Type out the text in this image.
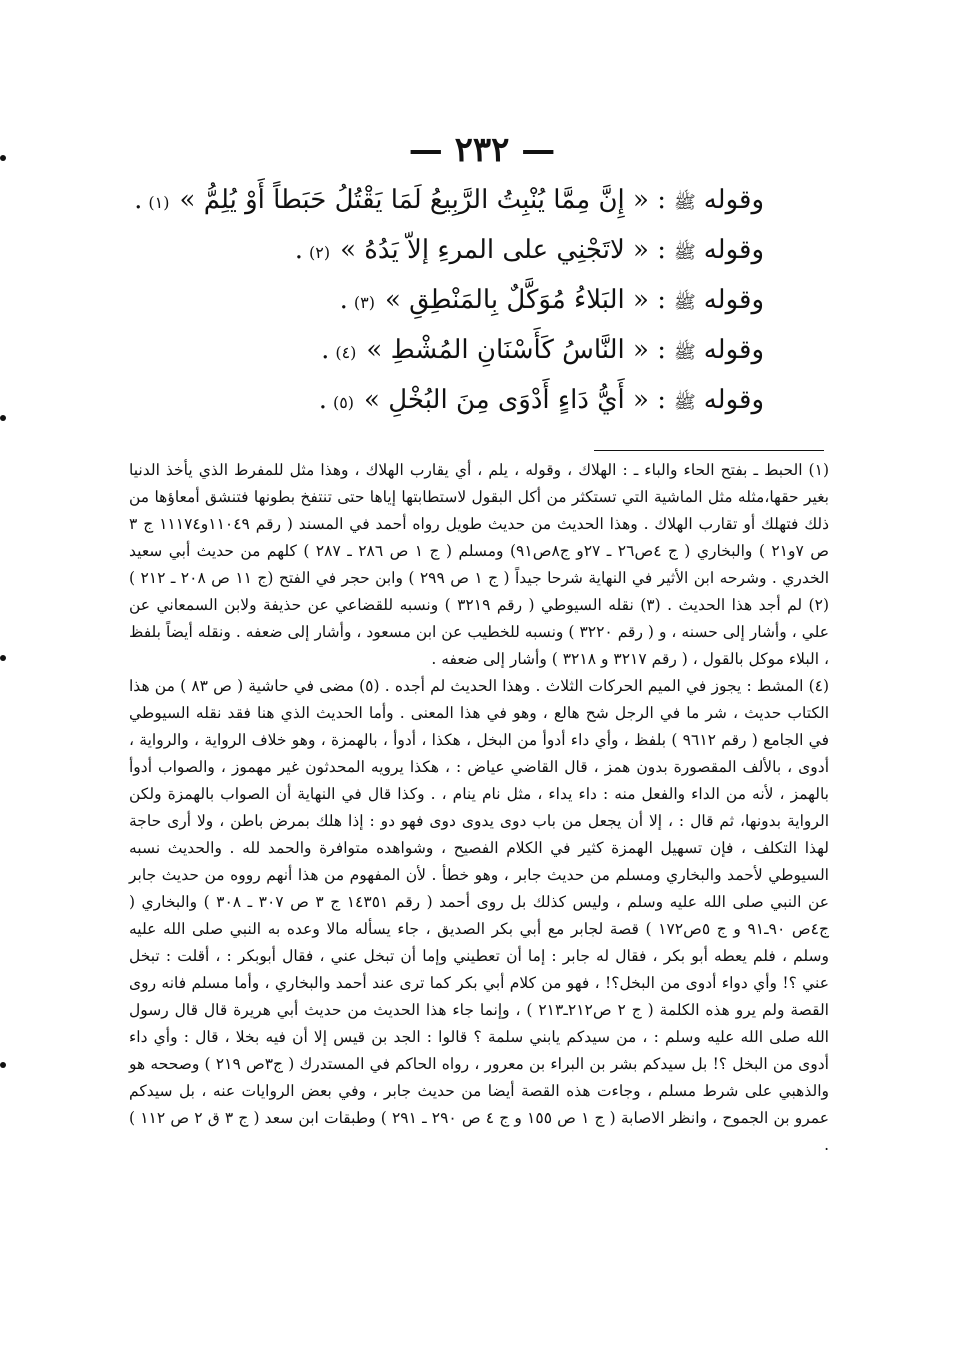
— ٢٣٢ —
وقوله
ﷺ
: « إِنَّ مِمَّا يُنْبِتُ الرَّبِيعُ لَمَا يَقْتُلُ حَبَطاً أَوْ يُلِمُّ »
(١)
.
وقوله
ﷺ
: « لاتَجْنِي على المرءِ إلاّ يَدُهُ »
(٢)
.
وقوله
ﷺ
: « البَلاءُ مُوَكَّلٌ بِالمَنْطِقِ »
(٣)
.
وقوله
ﷺ
: « النَّاسُ كَأَسْنَانِ المُشْطِ »
(٤)
.
وقوله
ﷺ
: « أَيُّ دَاءٍ أَدْوَى مِنَ البُخْلِ »
(٥)
.

(١) الحبط ـ بفتح الحاء والباء ـ : الهلاك ، وقوله ، يلم ، أي يقارب الهلاك ، وهذا مثل للمفرط الذي يأخذ الدنيا بغير حقها،مثله مثل الماشية التي تستكثر من أكل البقول لاستطابتها إياها حتى تنتفخ بطونها فتنشق أمعاؤها من ذلك فتهلك أو تقارب الهلاك . وهذا الحديث من حديث طويل رواه أحمد في المسند ( رقم ١١٠٤٩و١١١٧٤ ج ٣ ص ٧و٢١ ) والبخاري ( ج ٤ص٢٦ ـ ٢٧و ج٨ص٩١) ومسلم ( ج ١ ص ٢٨٦ ـ ٢٨٧ ) كلهم من حديث أبي سعيد الخدري . وشرحه ابن الأثير في النهاية شرحا جيداً ( ج ١ ص ٢٩٩ ) وابن حجر في الفتح (ج ١١ ص ٢٠٨ ـ ٢١٢ ) (٢) لم أجد هذا الحديث . (٣) نقله السيوطي ( رقم ٣٢١٩ ) ونسبه للقضاعي عن حذيفة ولابن السمعاني عن علي ، وأشار إلى حسنه ، و ( رقم ٣٢٢٠ ) ونسبه للخطيب عن ابن مسعود ، وأشار إلى ضعفه . ونقله أيضاً بلفظ ، البلاء موكل بالقول ، ( رقم ٣٢١٧ و ٣٢١٨ ) وأشار إلى ضعفه .

(٤) المشط : يجوز في الميم الحركات الثلاث . وهذا الحديث لم أجده . (٥) مضى في حاشية ( ص ٨٣ ) من هذا الكتاب حديث ، شر ما في الرجل شح هالع ، وهو في هذا المعنى . وأما الحديث الذي هنا فقد نقله السيوطي في الجامع ( رقم ٩٦١٢ ) بلفظ ، وأي داء أدوأ من البخل ، هكذا ، أدوأ ، بالهمزة ، وهو خلاف الرواية ، والرواية ، أدوى ، بالألف المقصورة بدون همز ، قال القاضي عياض : ، هكذا يرويه المحدثون غير مهموز ، والصواب أدوأ بالهمز ، لأنه من الداء والفعل منه : داء يداء ، مثل نام ينام ، . وكذا قال في النهاية أن الصواب بالهمزة ولكن الرواية بدونها، ثم قال : ، إلا أن يجعل من باب دوى يدوى دوى فهو دو : إذا هلك بمرض باطن ، ولا أرى حاجة لهذا التكلف ، فإن تسهيل الهمزة كثير في الكلام الفصيح ، وشواهده متوافرة والحمد لله . والحديث نسبه السيوطي لأحمد والبخاري ومسلم من حديث جابر ، وهو خطأ . لأن المفهوم من هذا أنهم رووه من حديث جابر عن النبي صلى الله عليه وسلم ، وليس كذلك بل روى أحمد ( رقم ١٤٣٥١ ج ٣ ص ٣٠٧ ـ ٣٠٨ ) والبخاري ( ج٤ص ٩٠ـ٩١ و ج ٥ص١٧٢ ) قصة لجابر مع أبي بكر الصديق ، جاء يسأله مالا وعده به النبي صلى الله عليه وسلم ، فلم يعطه أبو بكر ، فقال له جابر : إما أن تعطيني وإما أن تبخل عني ، فقال أبوبكر : ، أقلت : تبخل عني ؟! وأي دواء أدوى من البخل؟! ، فهو من كلام أبي بكر كما ترى عند أحمد والبخاري ، وأما مسلم فانه روى القصة ولم يرو هذه الكلمة ( ج ٢ ص٢١٢ـ٢١٣ ) ، وإنما جاء هذا الحديث من حديث أبي هريرة قال قال رسول الله صلى الله عليه وسلم : ، من سيدكم يابني سلمة ؟ قالوا : الجد بن قيس إلا أن فيه بخلا ، قال : وأي داء أدوى من البخل ؟! بل سيدكم بشر بن البراء بن معرور ، رواه الحاكم في المستدرك ( ج٣ص ٢١٩ ) وصححه هو والذهبي على شرط مسلم ، وجاءت هذه القصة أيضا من حديث جابر ، وفي بعض الروايات عنه ، بل سيدكم عمرو بن الجموح ، وانظر الاصابة ( ج ١ ص ١٥٥ و ج ٤ ص ٢٩٠ ـ ٢٩١ ) وطبقات ابن سعد ( ج ٣ ق ٢ ص ١١٢ ) .
